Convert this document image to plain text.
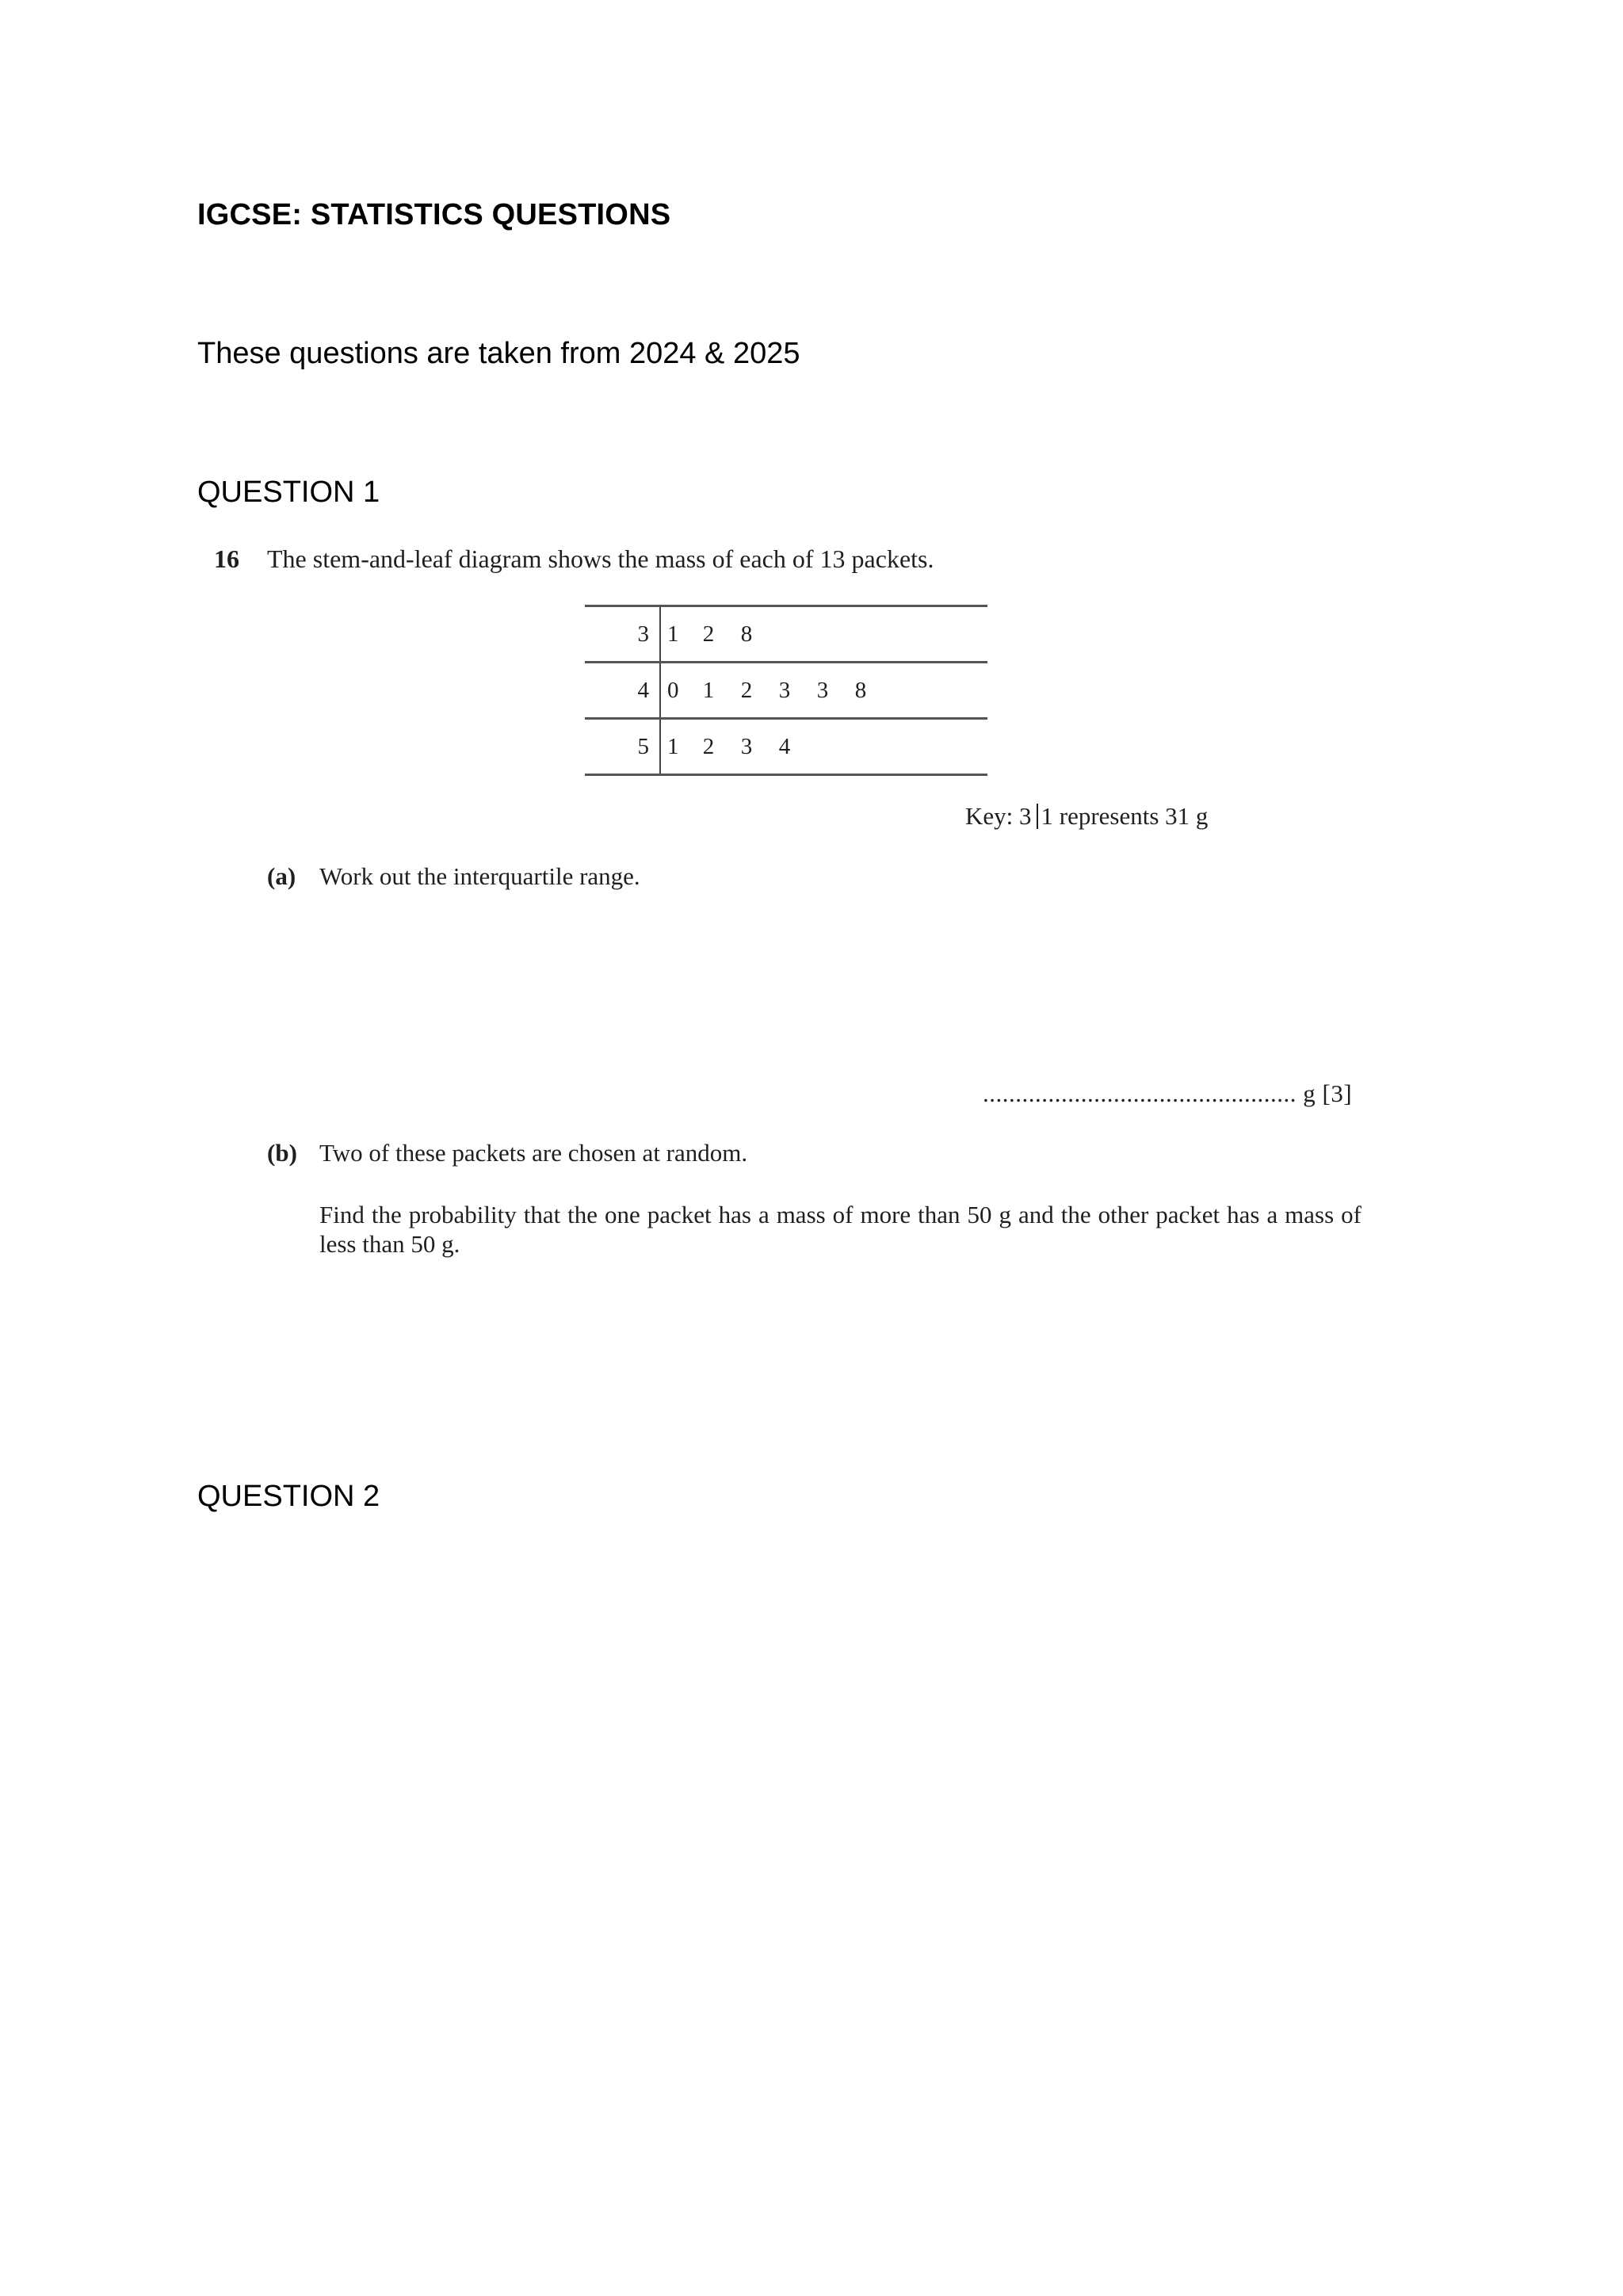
IGCSE: STATISTICS QUESTIONS
These questions are taken from 2024 & 2025
QUESTION 1
16 The stem-and-leaf diagram shows the mass of each of 13 packets.
3 1 2 8
4 0 1 2 3 3 8
5 1 2 3 4
Key: 3 1 represents 31 g
(a) Work out the interquartile range.
................................................ g [3]
(b) Two of these packets are chosen at random.
Find the probability that the one packet has a mass of more than 50 g and the other packet has a mass of less than 50 g.
QUESTION 2
